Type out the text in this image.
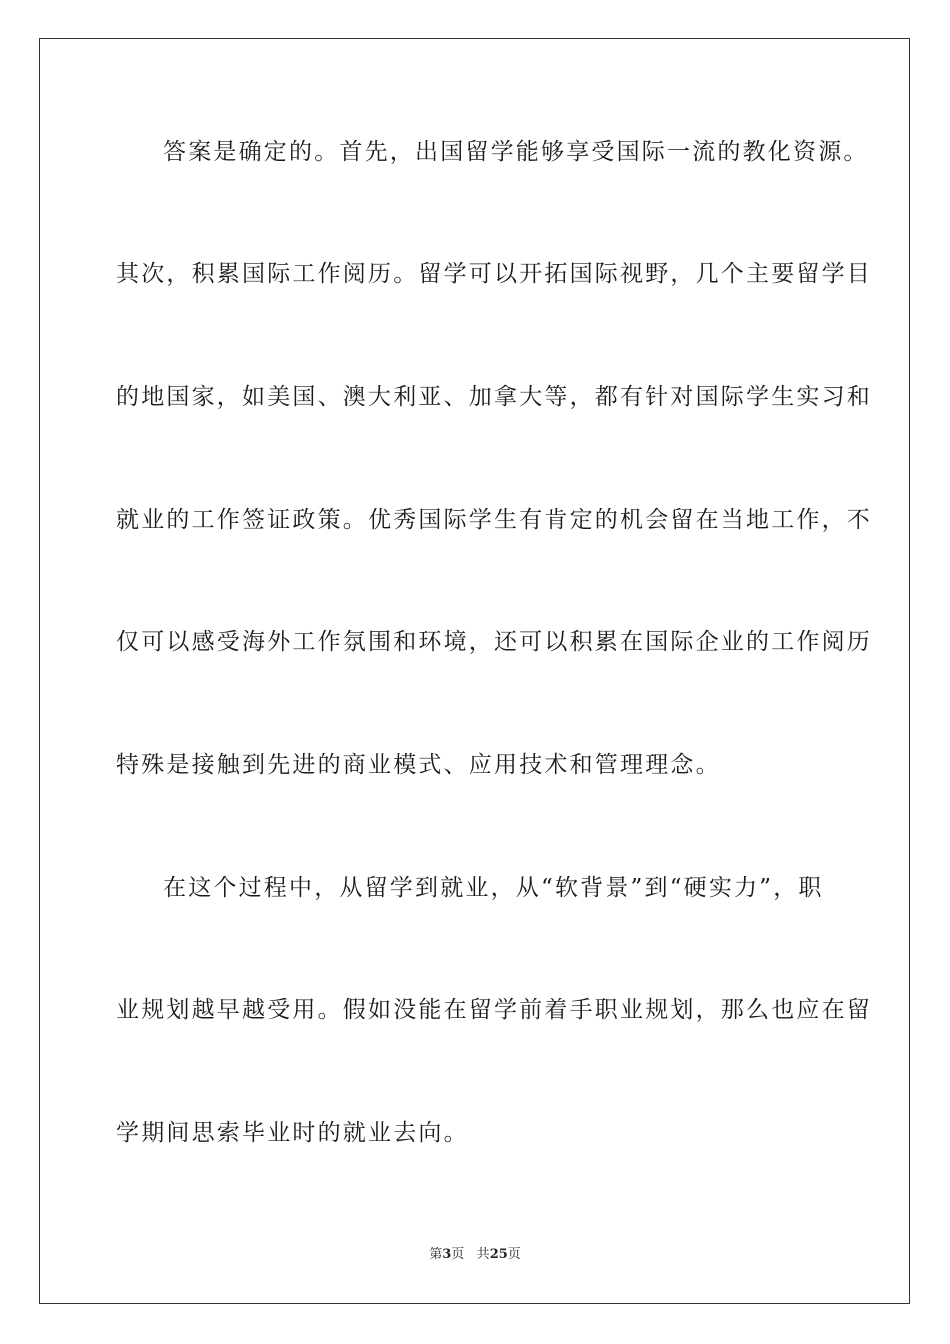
答案是确定的。首先，出国留学能够享受国际一流的教化资源。
其次，积累国际工作阅历。留学可以开拓国际视野，几个主要留学目
的地国家，如美国、澳大利亚、加拿大等，都有针对国际学生实习和
就业的工作签证政策。优秀国际学生有肯定的机会留在当地工作，不
仅可以感受海外工作氛围和环境，还可以积累在国际企业的工作阅历
特殊是接触到先进的商业模式、应用技术和管理理念。
在这个过程中，从留学到就业，从“软背景”到“硬实力”，职
业规划越早越受用。假如没能在留学前着手职业规划，那么也应在留
学期间思索毕业时的就业去向。
第3页 共25页
